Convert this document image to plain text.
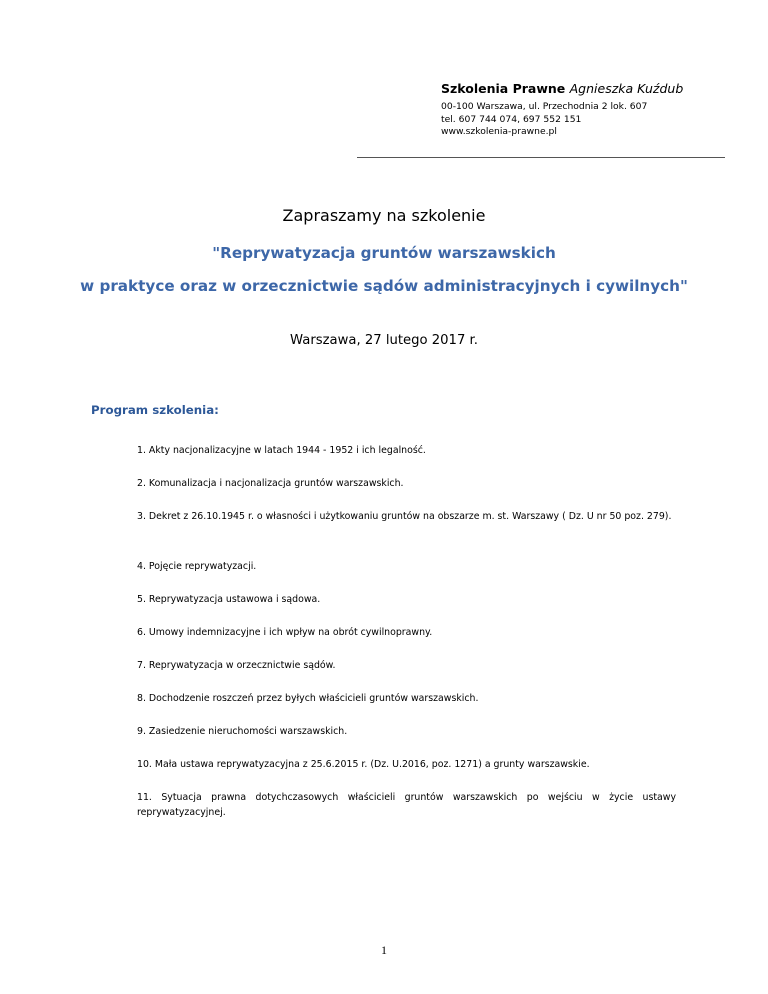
Szkolenia Prawne Agnieszka Kuźdub

00-100 Warszawa, ul. Przechodnia 2 lok. 607
tel. 607 744 074, 697 552 151
www.szkolenia-prawne.pl
Zapraszamy na szkolenie
"Reprywatyzacja gruntów warszawskich
w praktyce oraz w orzecznictwie sądów administracyjnych i cywilnych"
Warszawa, 27 lutego 2017 r.
Program szkolenia:
1. Akty nacjonalizacyjne w latach 1944 - 1952 i ich legalność.
2. Komunalizacja i nacjonalizacja gruntów warszawskich.
3. Dekret z 26.10.1945 r. o własności i użytkowaniu gruntów na obszarze m. st. Warszawy ( Dz. U nr 50 poz. 279).
4. Pojęcie reprywatyzacji.
5. Reprywatyzacja ustawowa i sądowa.
6. Umowy indemnizacyjne i ich wpływ na obrót cywilnoprawny.
7. Reprywatyzacja w orzecznictwie sądów.
8. Dochodzenie roszczeń przez byłych właścicieli gruntów warszawskich.
9. Zasiedzenie nieruchomości warszawskich.
10. Mała ustawa reprywatyzacyjna z 25.6.2015 r. (Dz. U.2016, poz. 1271) a grunty warszawskie.
11. Sytuacja prawna dotychczasowych właścicieli gruntów warszawskich po wejściu w życie ustawy reprywatyzacyjnej.
1
